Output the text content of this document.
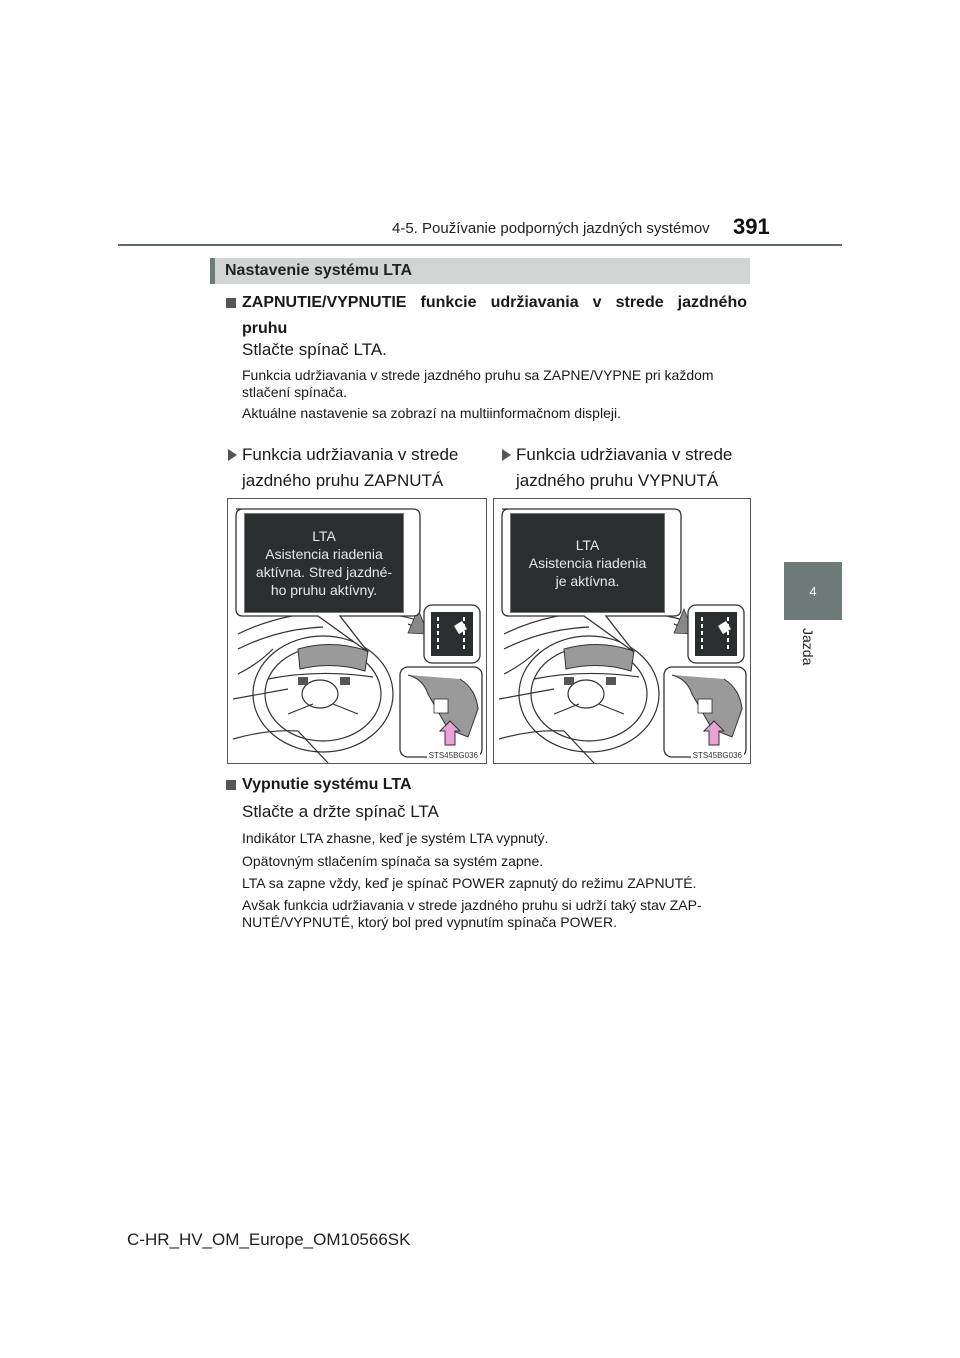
4-5. Používanie podporných jazdných systémov 391
4
Jazda
Nastavenie systému LTA
ZAPNUTIE/VYPNUTIE funkcie udržiavania v strede jazdného pruhu
Stlačte spínač LTA.
Funkcia udržiavania v strede jazdného pruhu sa ZAPNE/VYPNE pri každom stlačení spínača.
Aktuálne nastavenie sa zobrazí na multiinformačnom displeji.
Funkcia udržiavania v strede jazdného pruhu ZAPNUTÁ
Funkcia udržiavania v strede jazdného pruhu VYPNUTÁ
LTA
Asistencia riadenia
aktívna. Stred jazdné-
ho pruhu aktívny.
STS45BG036
LTA
Asistencia riadenia
je aktívna.
STS45BG036
Vypnutie systému LTA
Stlačte a držte spínač LTA
Indikátor LTA zhasne, keď je systém LTA vypnutý.
Opätovným stlačením spínača sa systém zapne.
LTA sa zapne vždy, keď je spínač POWER zapnutý do režimu ZAPNUTÉ.
Avšak funkcia udržiavania v strede jazdného pruhu si udrží taký stav ZAP-NUTÉ/VYPNUTÉ, ktorý bol pred vypnutím spínača POWER.
C-HR_HV_OM_Europe_OM10566SK
